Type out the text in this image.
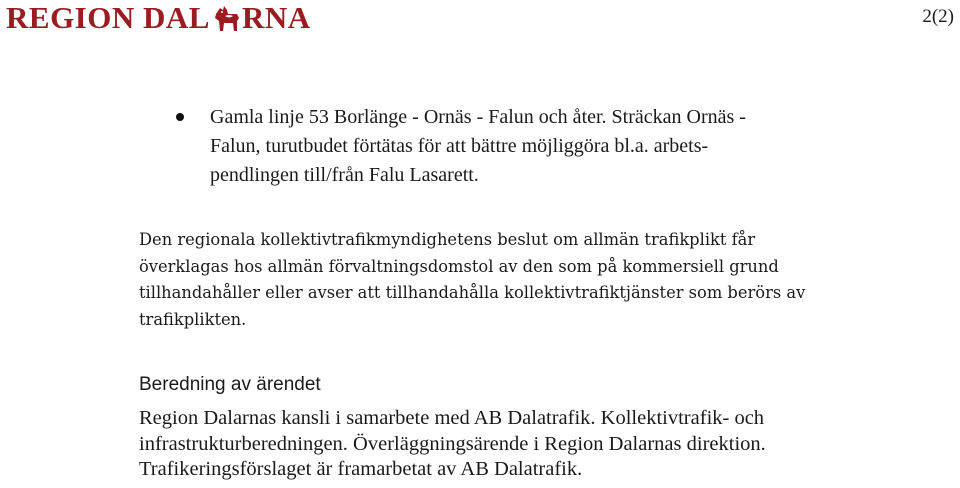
REGION DAL RNA	2(2)
Gamla linje 53 Borlänge - Ornäs - Falun och åter. Sträckan Ornäs -
Falun, turutbudet förtätas för att bättre möjliggöra bl.a. arbets-
pendlingen till/från Falu Lasarett.
Den regionala kollektivtrafikmyndighetens beslut om allmän trafikplikt får
överklagas hos allmän förvaltningsdomstol av den som på kommersiell grund
tillhandahåller eller avser att tillhandahålla kollektivtrafiktjänster som berörs av
trafikplikten.
Beredning av ärendet
Region Dalarnas kansli i samarbete med AB Dalatrafik. Kollektivtrafik- och
infrastrukturberedningen. Överläggningsärende i Region Dalarnas direktion.
Trafikeringsförslaget är framarbetat av AB Dalatrafik.
